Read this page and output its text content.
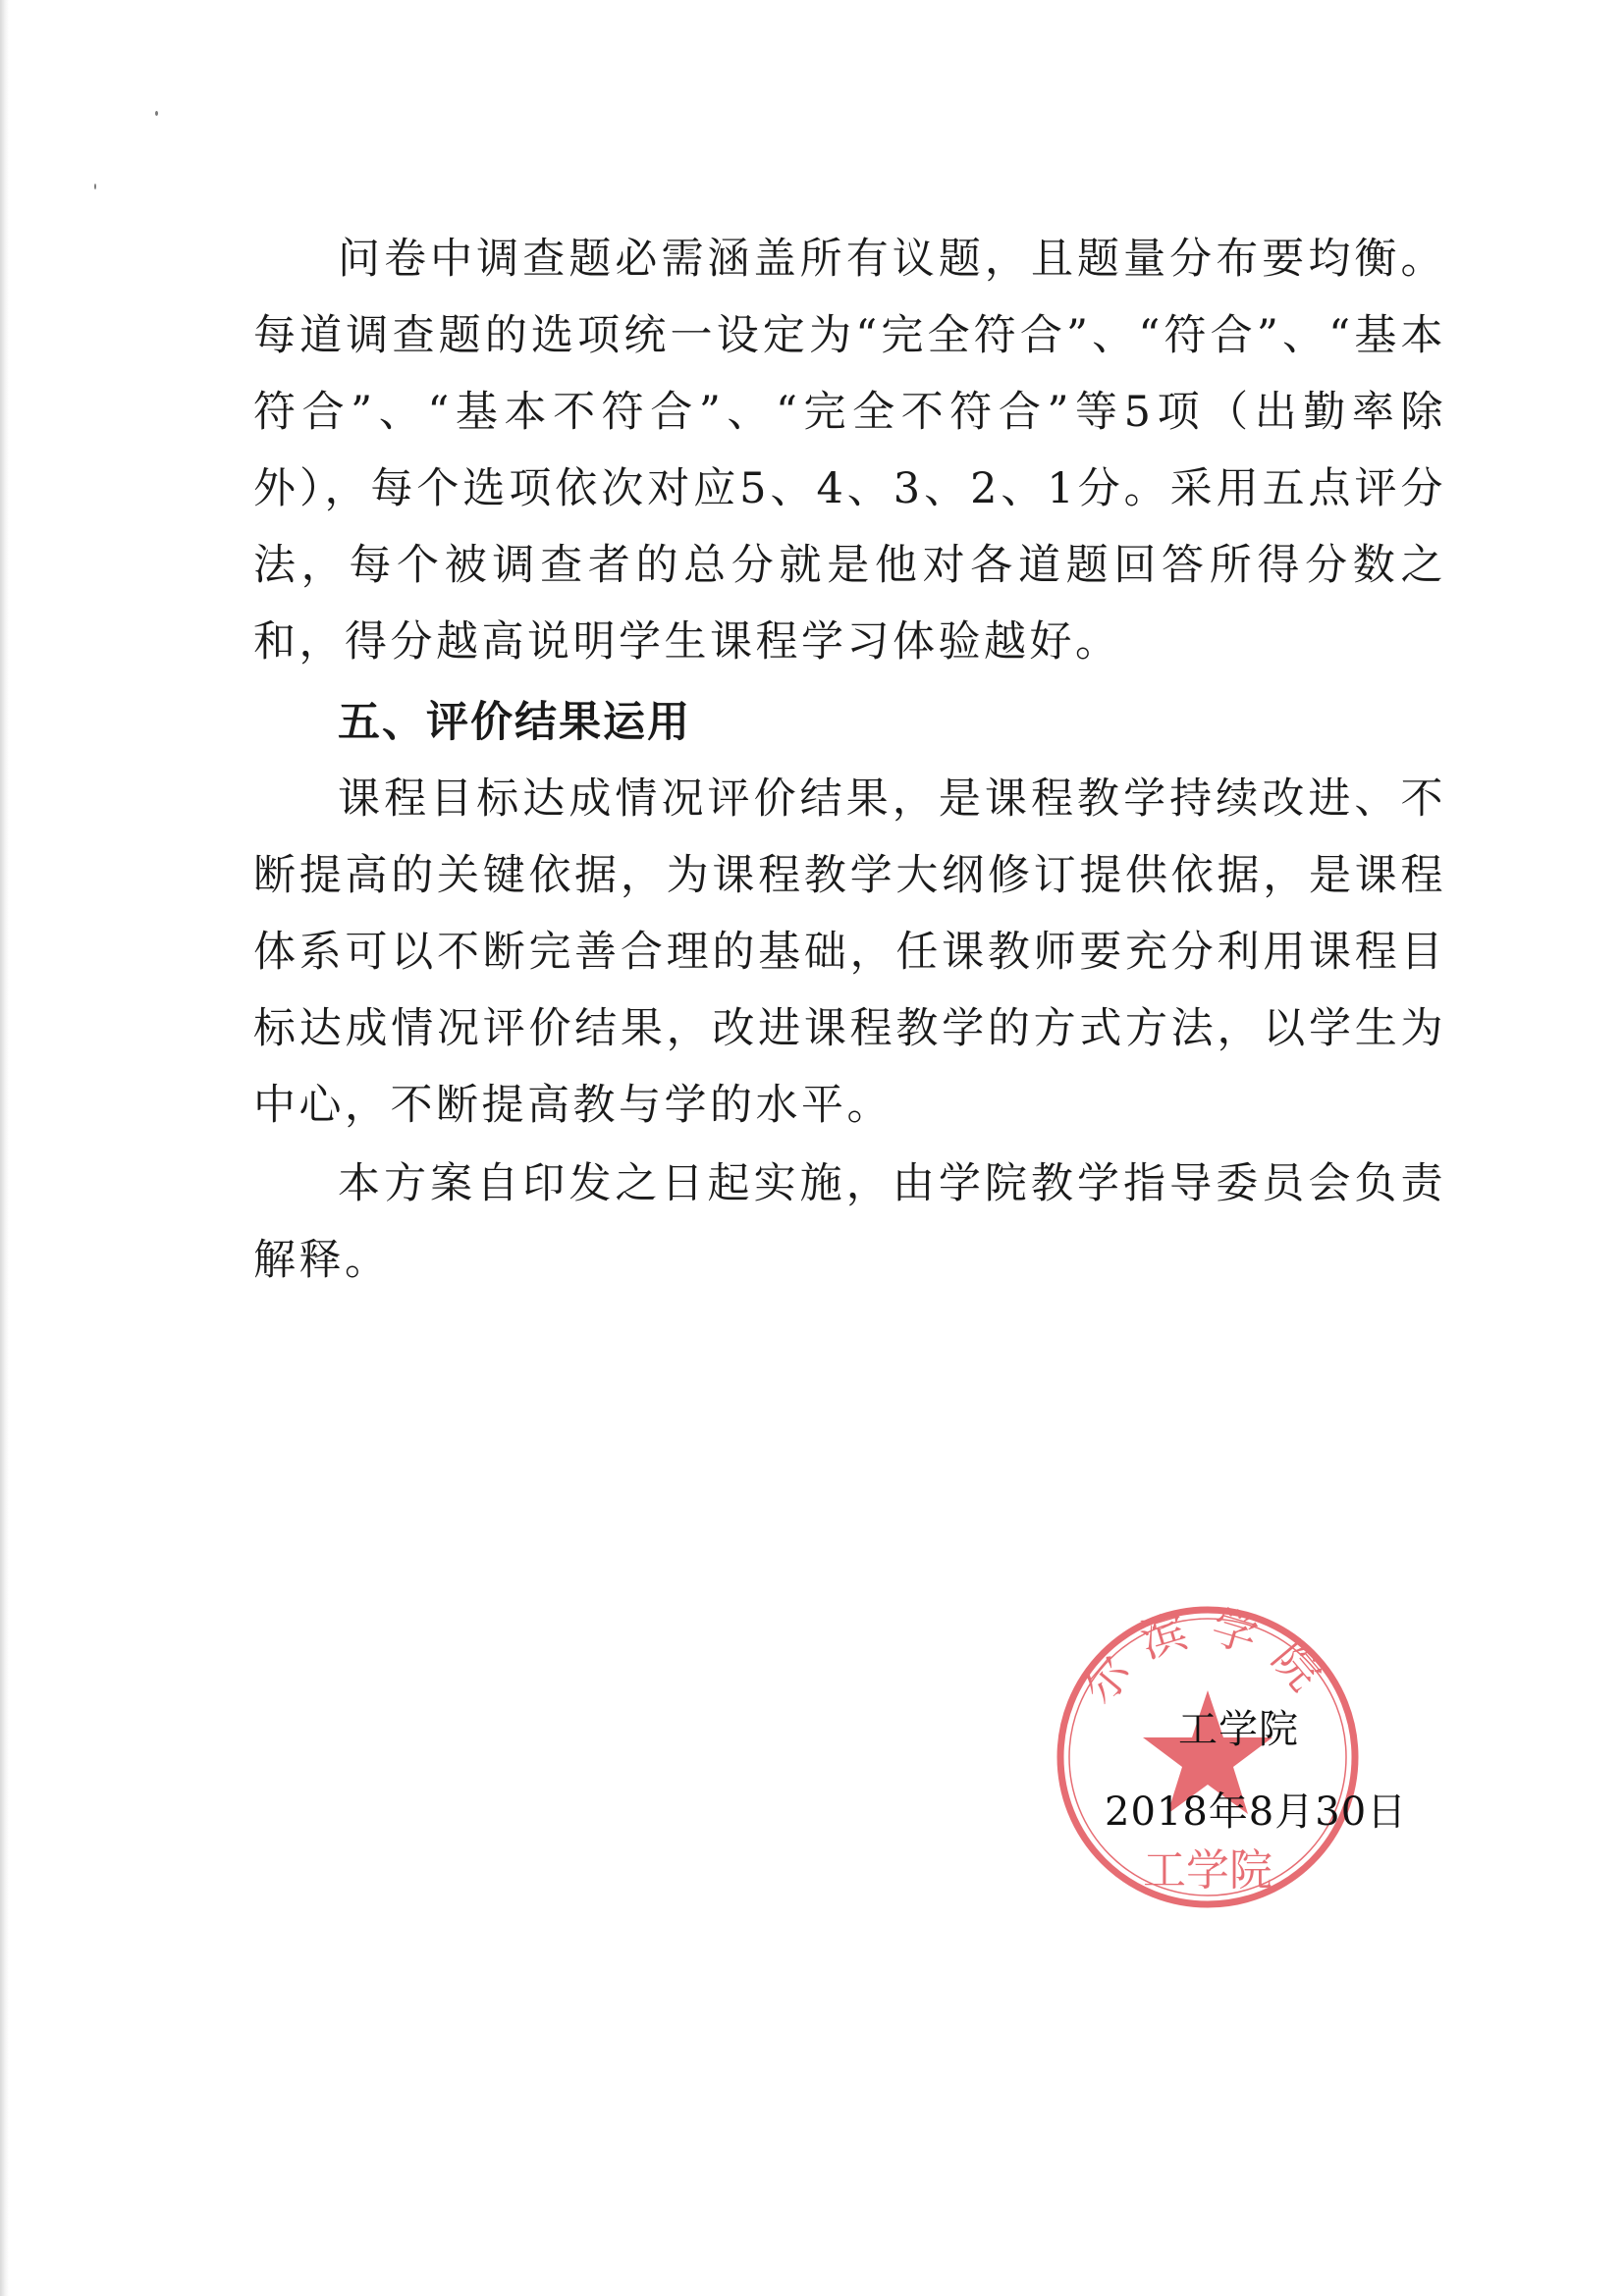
问卷中调查题必需涵盖所有议题，且题量分布要均衡。每道调查题的选项统一设定为“完全符合”、“符合”、“基本符合”、“基本不符合”、“完全不符合”等5项（出勤率除外），每个选项依次对应5、4、3、2、1分。采用五点评分法，每个被调查者的总分就是他对各道题回答所得分数之和，得分越高说明学生课程学习体验越好。

五、评价结果运用

课程目标达成情况评价结果，是课程教学持续改进、不断提高的关键依据，为课程教学大纲修订提供依据，是课程体系可以不断完善合理的基础，任课教师要充分利用课程目标达成情况评价结果，改进课程教学的方式方法，以学生为中心，不断提高教与学的水平。

本方案自印发之日起实施，由学院教学指导委员会负责解释。

尔滨学院
工学院
工学院
2018年8月30日
